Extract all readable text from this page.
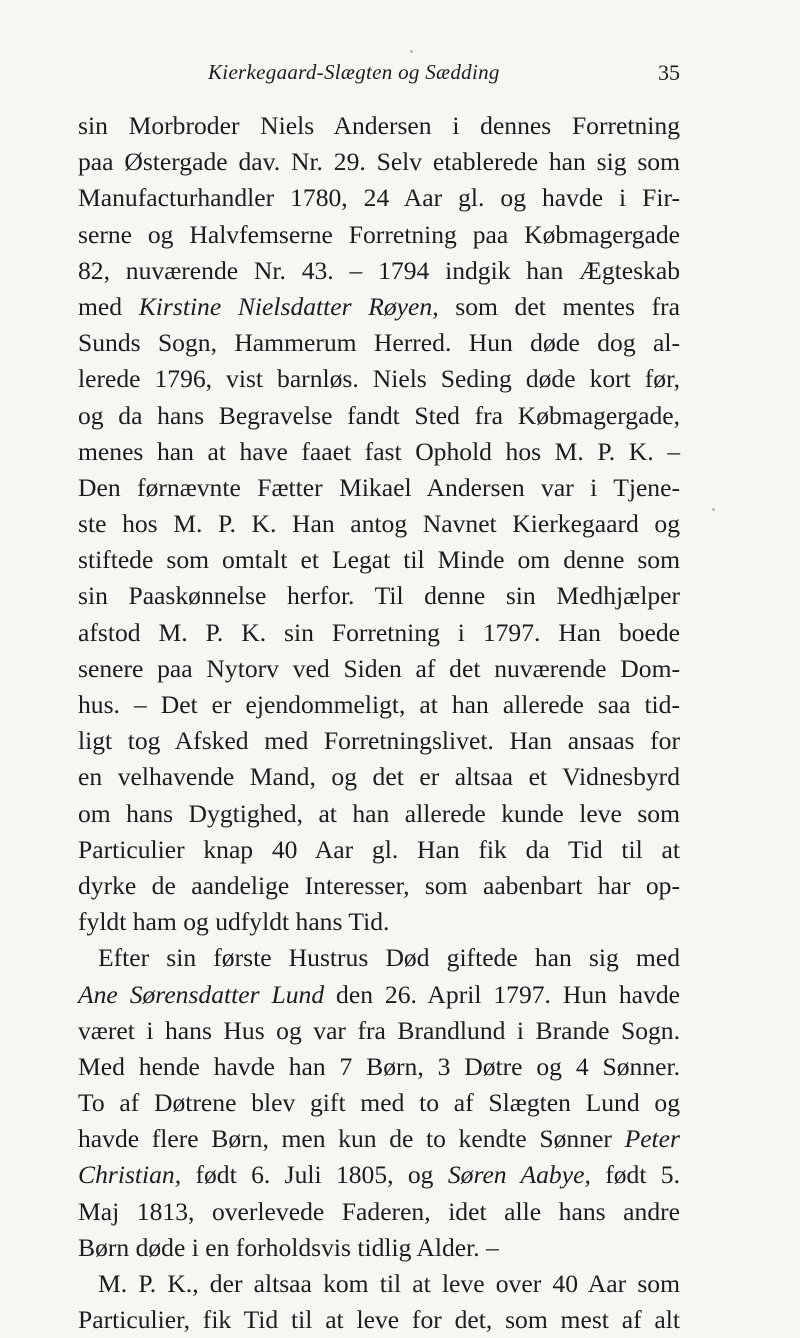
Kierkegaard-Slægten og Sædding	35
sin Morbroder Niels Andersen i dennes Forretning
paa Østergade dav. Nr. 29. Selv etablerede han sig som
Manufacturhandler 1780, 24 Aar gl. og havde i Fir-
serne og Halvfemserne Forretning paa Købmagergade
82, nuværende Nr. 43. – 1794 indgik han Ægteskab
med Kirstine Nielsdatter Røyen, som det mentes fra
Sunds Sogn, Hammerum Herred. Hun døde dog al-
lerede 1796, vist barnløs. Niels Seding døde kort før,
og da hans Begravelse fandt Sted fra Købmagergade,
menes han at have faaet fast Ophold hos M. P. K. –
Den førnævnte Fætter Mikael Andersen var i Tjene-
ste hos M. P. K. Han antog Navnet Kierkegaard og
stiftede som omtalt et Legat til Minde om denne som
sin Paaskønnelse herfor. Til denne sin Medhjælper
afstod M. P. K. sin Forretning i 1797. Han boede
senere paa Nytorv ved Siden af det nuværende Dom-
hus. – Det er ejendommeligt, at han allerede saa tid-
ligt tog Afsked med Forretningslivet. Han ansaas for
en velhavende Mand, og det er altsaa et Vidnesbyrd
om hans Dygtighed, at han allerede kunde leve som
Particulier knap 40 Aar gl. Han fik da Tid til at
dyrke de aandelige Interesser, som aabenbart har op-
fyldt ham og udfyldt hans Tid.
Efter sin første Hustrus Død giftede han sig med
Ane Sørensdatter Lund den 26. April 1797. Hun havde
været i hans Hus og var fra Brandlund i Brande Sogn.
Med hende havde han 7 Børn, 3 Døtre og 4 Sønner.
To af Døtrene blev gift med to af Slægten Lund og
havde flere Børn, men kun de to kendte Sønner Peter
Christian, født 6. Juli 1805, og Søren Aabye, født 5.
Maj 1813, overlevede Faderen, idet alle hans andre
Børn døde i en forholdsvis tidlig Alder. –
M. P. K., der altsaa kom til at leve over 40 Aar som
Particulier, fik Tid til at leve for det, som mest af alt
